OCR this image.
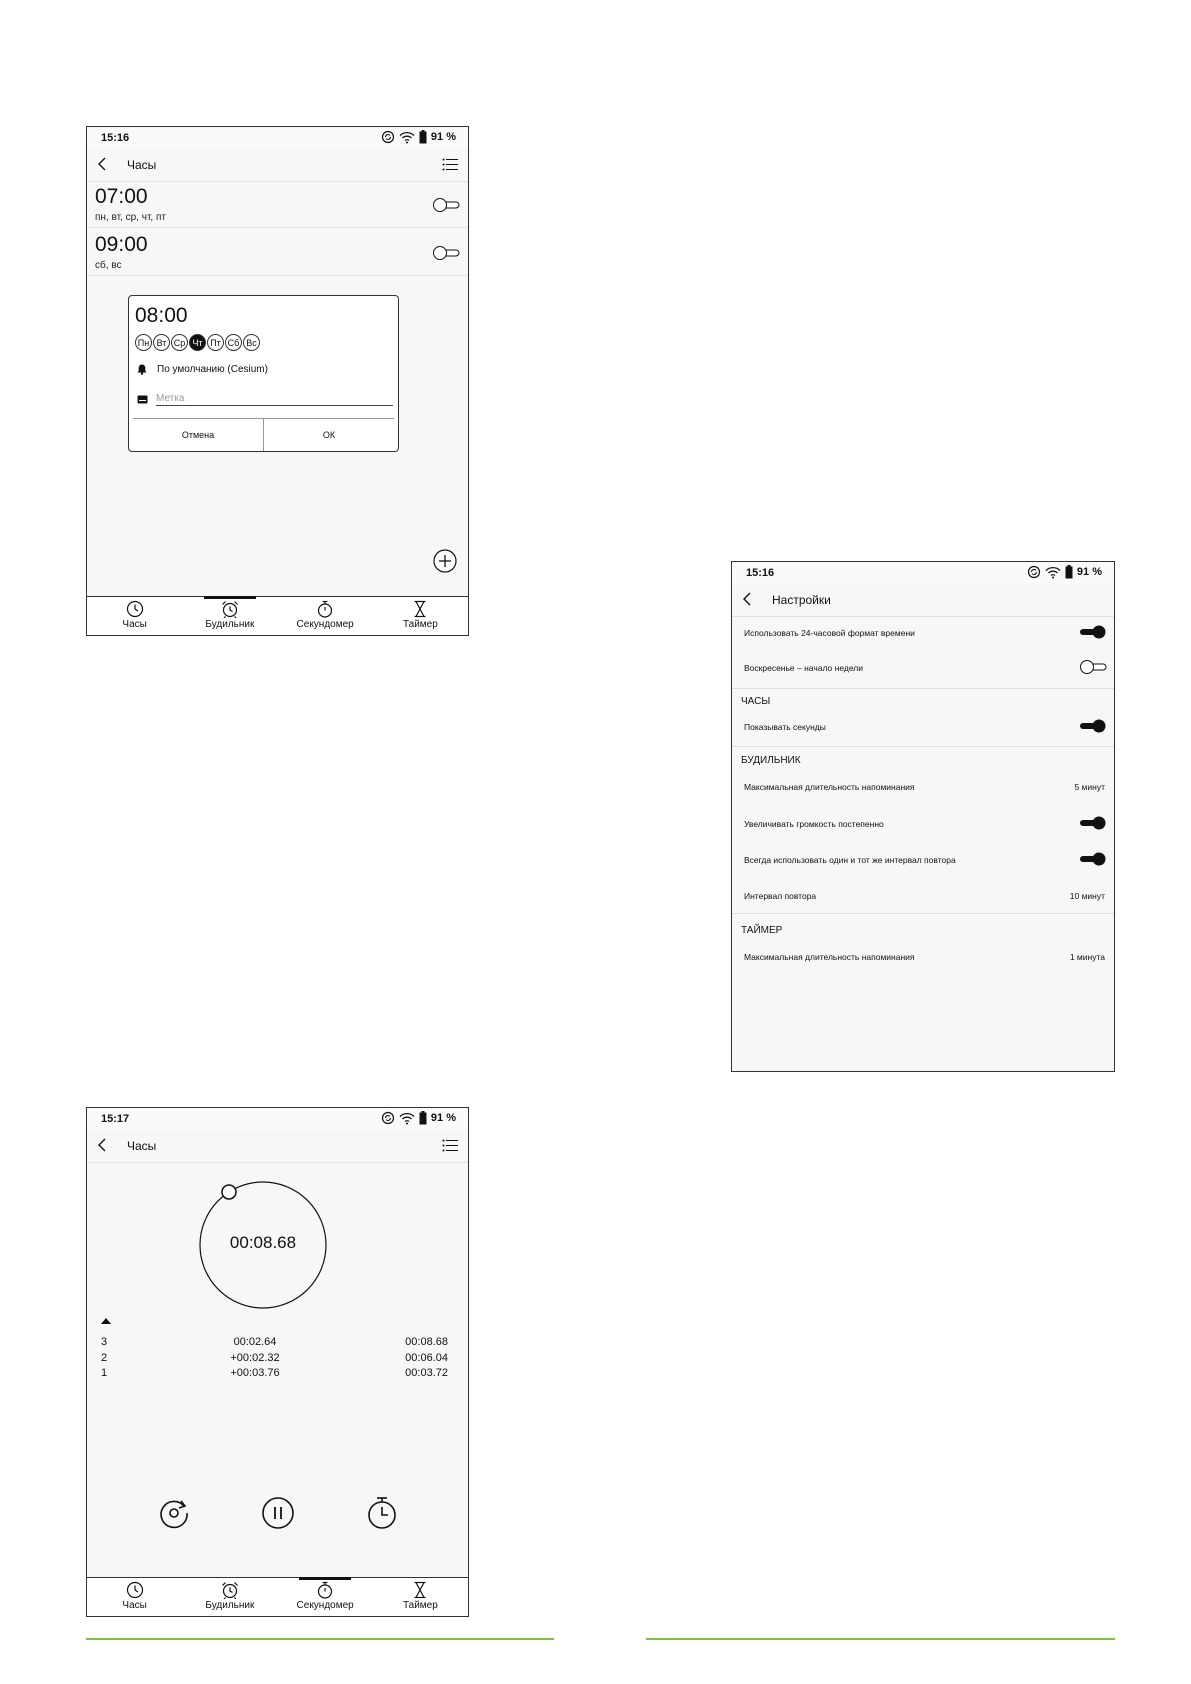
15:16	91 %
Часы
07:00
пн, вт, ср, чт, пт
09:00
сб, вс
08:00
Пн Вт Ср Чт Пт Сб Вс
По умолчанию (Cesium)
Метка
Отмена	ОК
Часы	Будильник	Секундомер	Таймер
15:16	91 %
Настройки
Использовать 24-часовой формат времени
Воскресенье – начало недели
ЧАСЫ
Показывать секунды
БУДИЛЬНИК
Максимальная длительность напоминания	5 минут
Увеличивать громкость постепенно
Всегда использовать один и тот же интервал повтора
Интервал повтора	10 минут
ТАЙМЕР
Максимальная длительность напоминания	1 минута
15:17	91 %
Часы
00:08.68
3	00:02.64	00:08.68
2	+00:02.32	00:06.04
1	+00:03.76	00:03.72
Часы	Будильник	Секундомер	Таймер
